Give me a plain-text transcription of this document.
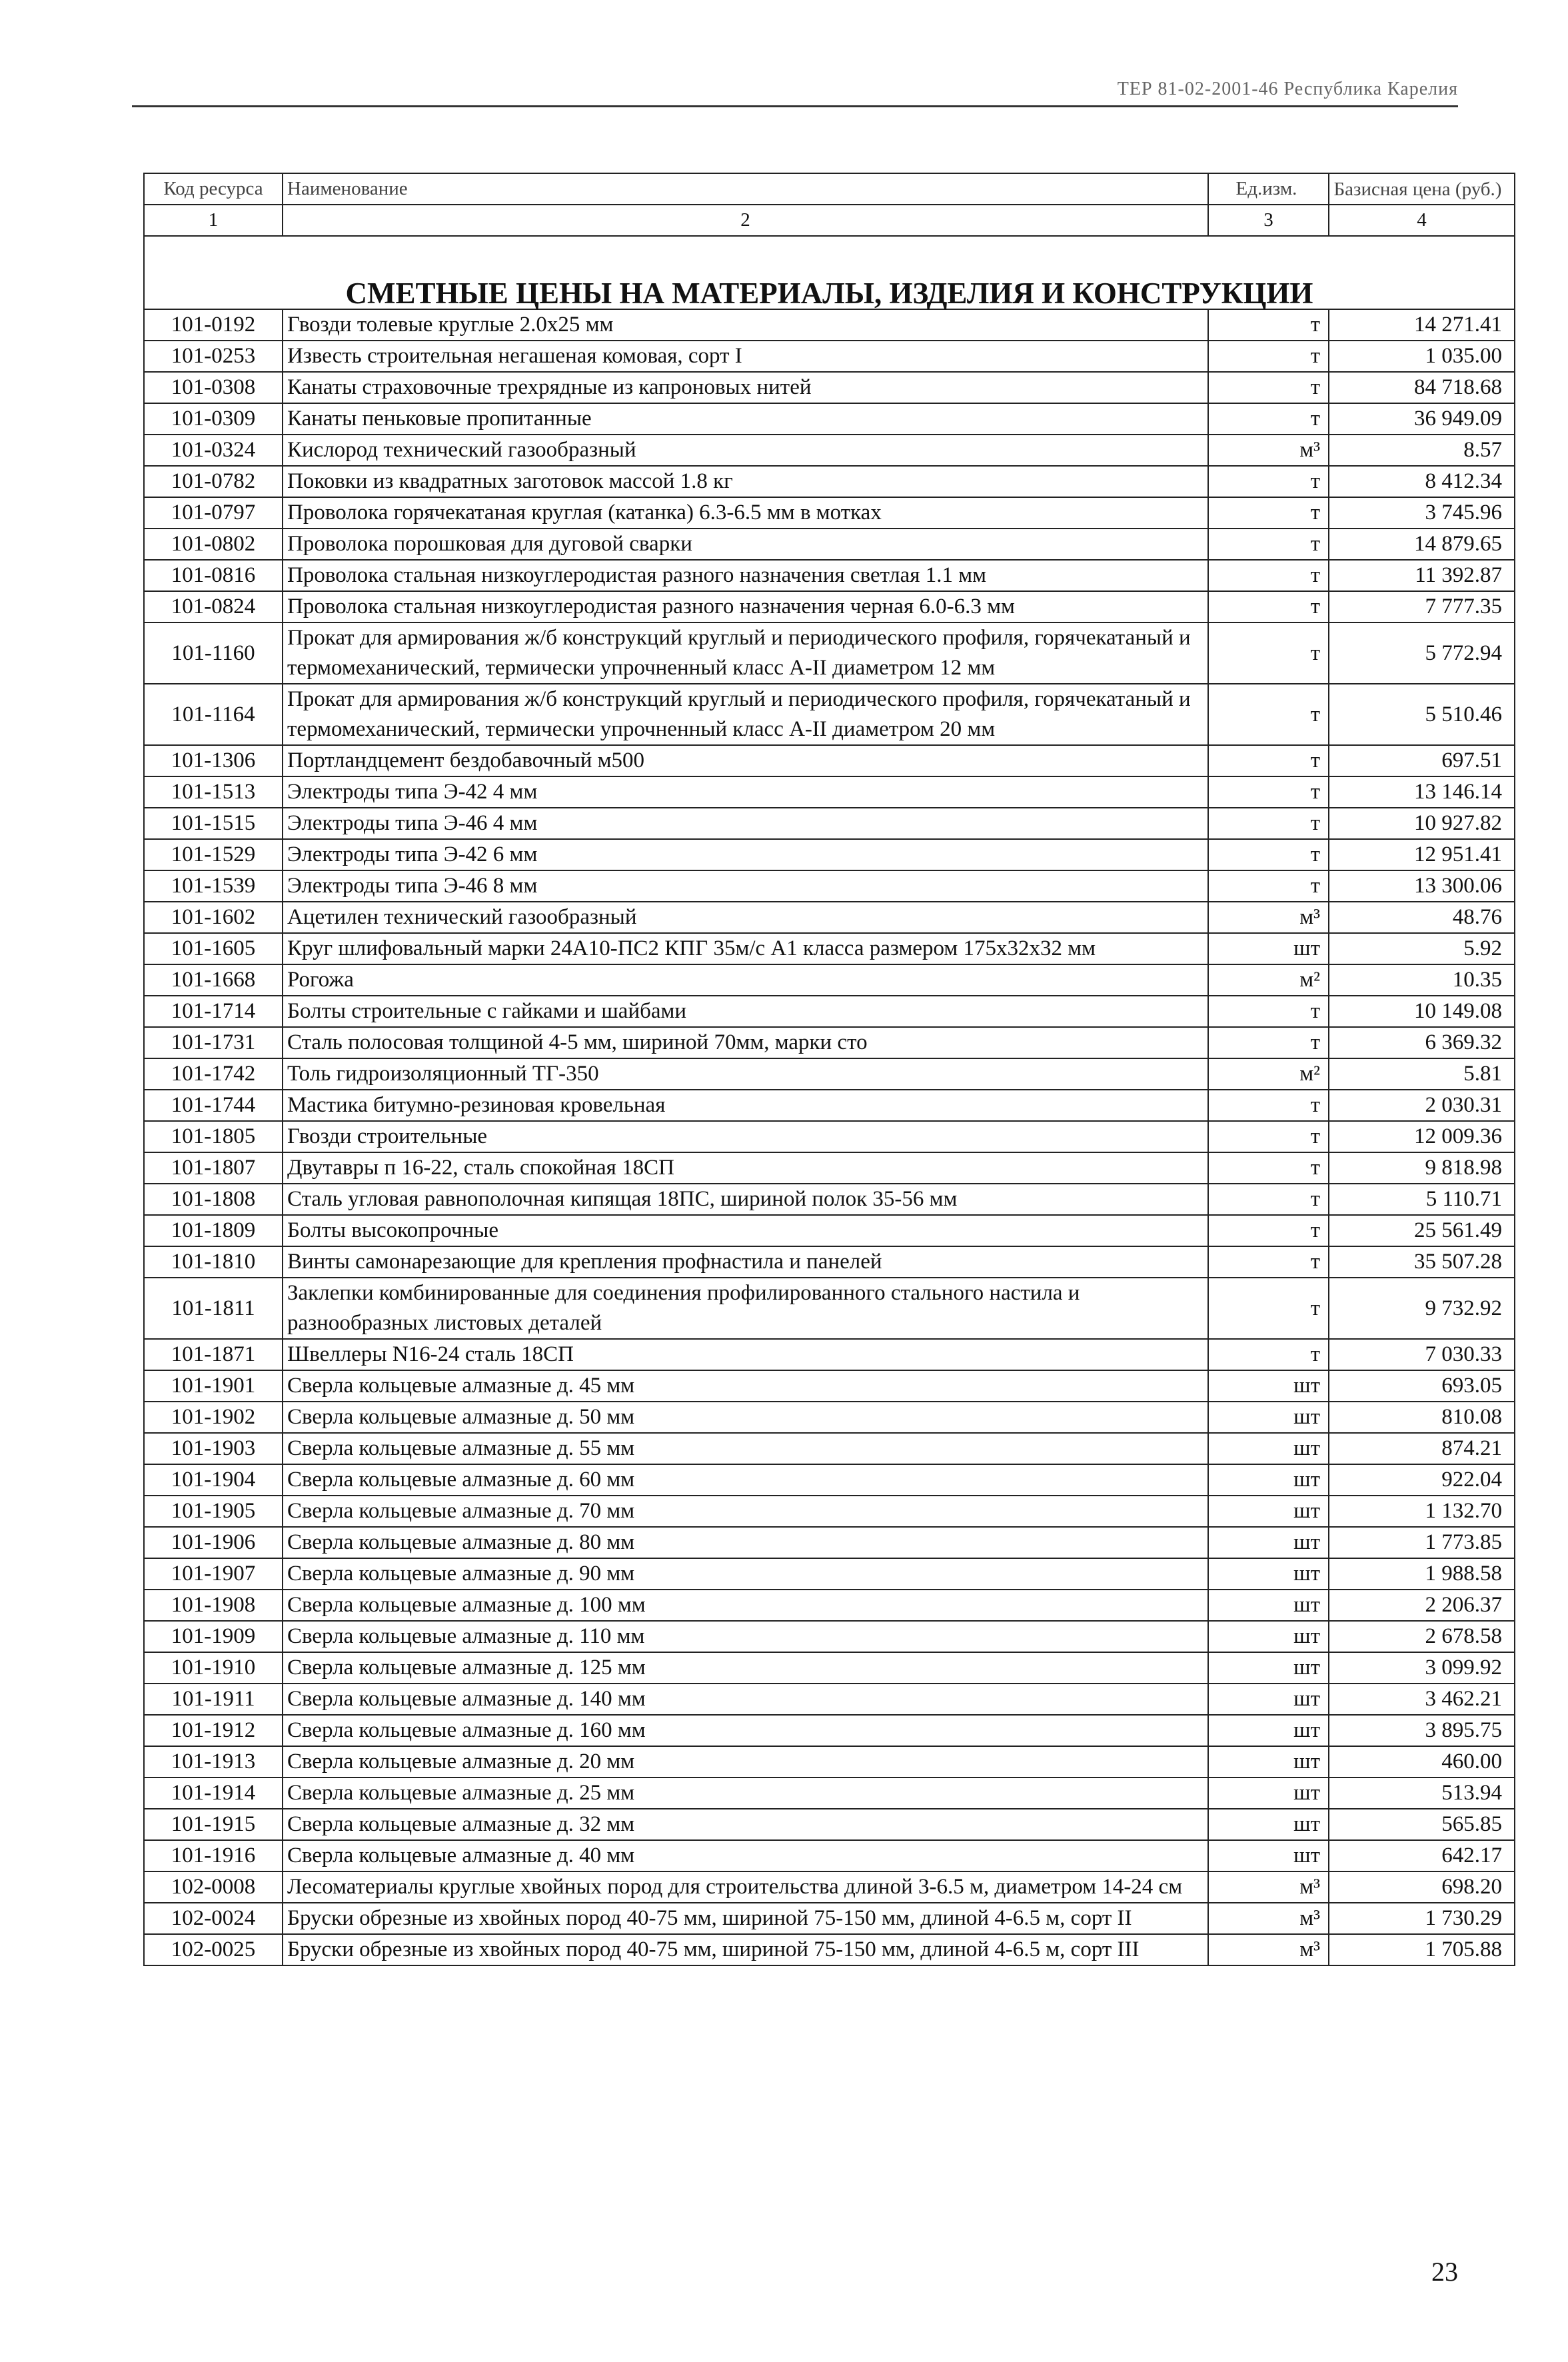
ТЕР 81-02-2001-46 Республика Карелия
Код ресурса	Наименование	Ед.изм.	Базисная цена (руб.)
1	2	3	4
СМЕТНЫЕ ЦЕНЫ НА МАТЕРИАЛЫ, ИЗДЕЛИЯ И КОНСТРУКЦИИ			
101-0192	Гвозди толевые круглые 2.0х25 мм	т	14 271.41
101-0253	Известь строительная негашеная комовая, сорт I	т	1 035.00
101-0308	Канаты страховочные трехрядные из капроновых нитей	т	84 718.68
101-0309	Канаты пеньковые пропитанные	т	36 949.09
101-0324	Кислород технический газообразный	м³	8.57
101-0782	Поковки из квадратных заготовок массой 1.8 кг	т	8 412.34
101-0797	Проволока горячекатаная круглая (катанка) 6.3-6.5 мм в мотках	т	3 745.96
101-0802	Проволока порошковая для дуговой сварки	т	14 879.65
101-0816	Проволока стальная низкоуглеродистая разного назначения светлая 1.1 мм	т	11 392.87
101-0824	Проволока стальная низкоуглеродистая разного назначения черная 6.0-6.3 мм	т	7 777.35
101-1160	Прокат для армирования ж/б конструкций круглый и периодического профиля, горячекатаный и термомеханический, термически упрочненный класс А-II диаметром 12 мм	т	5 772.94
101-1164	Прокат для армирования ж/б конструкций круглый и периодического профиля, горячекатаный и термомеханический, термически упрочненный класс А-II диаметром 20 мм	т	5 510.46
101-1306	Портландцемент бездобавочный м500	т	697.51
101-1513	Электроды типа Э-42 4 мм	т	13 146.14
101-1515	Электроды типа Э-46 4 мм	т	10 927.82
101-1529	Электроды типа Э-42 6 мм	т	12 951.41
101-1539	Электроды типа Э-46 8 мм	т	13 300.06
101-1602	Ацетилен технический газообразный	м³	48.76
101-1605	Круг шлифовальный марки 24А10-ПС2 КПГ 35м/с А1 класса размером 175х32х32 мм	шт	5.92
101-1668	Рогожа	м²	10.35
101-1714	Болты строительные с гайками и шайбами	т	10 149.08
101-1731	Сталь полосовая толщиной 4-5 мм, шириной 70мм, марки сто	т	6 369.32
101-1742	Толь гидроизоляционный ТГ-350	м²	5.81
101-1744	Мастика битумно-резиновая кровельная	т	2 030.31
101-1805	Гвозди строительные	т	12 009.36
101-1807	Двутавры п 16-22, сталь спокойная 18СП	т	9 818.98
101-1808	Сталь угловая равнополочная кипящая 18ПС, шириной полок 35-56 мм	т	5 110.71
101-1809	Болты высокопрочные	т	25 561.49
101-1810	Винты самонарезающие для крепления профнастила и панелей	т	35 507.28
101-1811	Заклепки комбинированные для соединения профилированного стального настила и разнообразных листовых деталей	т	9 732.92
101-1871	Швеллеры N16-24 сталь 18СП	т	7 030.33
101-1901	Сверла кольцевые алмазные д. 45 мм	шт	693.05
101-1902	Сверла кольцевые алмазные д. 50 мм	шт	810.08
101-1903	Сверла кольцевые алмазные д. 55 мм	шт	874.21
101-1904	Сверла кольцевые алмазные д. 60 мм	шт	922.04
101-1905	Сверла кольцевые алмазные д. 70 мм	шт	1 132.70
101-1906	Сверла кольцевые алмазные д. 80 мм	шт	1 773.85
101-1907	Сверла кольцевые алмазные д. 90 мм	шт	1 988.58
101-1908	Сверла кольцевые алмазные д. 100 мм	шт	2 206.37
101-1909	Сверла кольцевые алмазные д. 110 мм	шт	2 678.58
101-1910	Сверла кольцевые алмазные д. 125 мм	шт	3 099.92
101-1911	Сверла кольцевые алмазные д. 140 мм	шт	3 462.21
101-1912	Сверла кольцевые алмазные д. 160 мм	шт	3 895.75
101-1913	Сверла кольцевые алмазные д. 20 мм	шт	460.00
101-1914	Сверла кольцевые алмазные д. 25 мм	шт	513.94
101-1915	Сверла кольцевые алмазные д. 32 мм	шт	565.85
101-1916	Сверла кольцевые алмазные д. 40 мм	шт	642.17
102-0008	Лесоматериалы круглые хвойных пород для строительства длиной 3-6.5 м, диаметром 14-24 см	м³	698.20
102-0024	Бруски обрезные из хвойных пород 40-75 мм, шириной 75-150 мм, длиной 4-6.5 м, сорт II	м³	1 730.29
102-0025	Бруски обрезные из хвойных пород 40-75 мм, шириной 75-150 мм, длиной 4-6.5 м, сорт III	м³	1 705.88
23
